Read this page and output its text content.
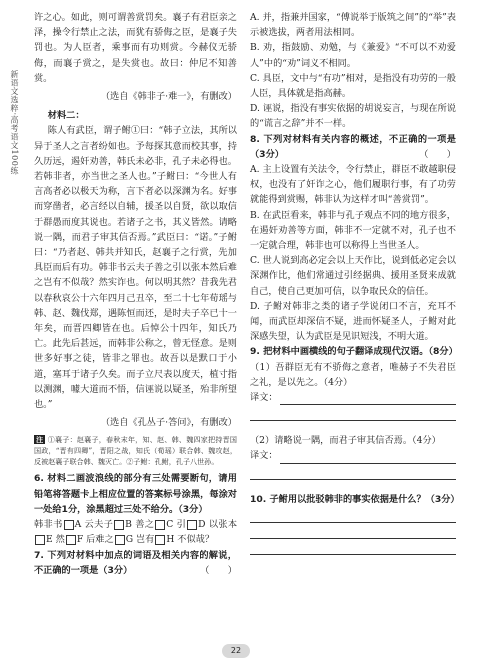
新语文选粹·高考语文100练

许之心。如此，则可谓善赏罚矣。襄子有君臣亲之泽，操令行禁止之法，而犹有骄侮之臣，是襄子失罚也。为人臣者，乘事而有功则赏。今赫仪无骄侮，而襄子赏之，是失赏也。故曰：仲尼不知善赏。

（选自《韩非子·难一》，有删改）

材料二：

陈人有武臣，谓子鲋①曰：“韩子立法，其所以异于圣人之言者纷如也。予每探其意而校其事，持久历远，遏奸劝善，韩氏未必非，孔子未必得也。若韩非者，亦当世之圣人也。”子鲋曰：“今世人有言高者必以极天为称，言下者必以深渊为名。好事而穿凿者，必言经以自辅，援圣以自贤，欲以取信于群愚而度其说也。若诸子之书，其义皆然。请略说一隅，而君子审其信否焉。”武臣曰：“诺。”子鲋曰：“乃者赵、韩共并知氏，赵襄子之行赏，先加具臣而后有功。韩非书云夫子善之引以张本然后难之岂有不似哉？然实诈也。何以明其然？昔我先君以春秋哀公十六年四月己丑卒，至二十七年荀瑶与韩、赵、魏伐郑，遇陈恒而还，是时夫子卒已十一年矣，而晋四卿皆在也。后悼公十四年，知氏乃亡。此先后甚远，而韩非公称之，曾无怪意。是则世多好事之徒，皆非之罪也。故吾以是默口于小道，塞耳于诸子久矣。而子立尺表以度天，植寸指以测渊，噱大道而不悟，信诬说以疑圣，殆非所望也。”

（选自《孔丛子·答问》，有删改）

注 ①襄子：赵襄子，春秋末年，知、赵、韩、魏四家把持晋国国政，“晋有四卿”，晋阳之战，知氏（荀瑶）联合韩、魏攻赵，反被赵襄子联合韩、魏灭亡。②子鲋：孔鲋，孔子八世孙。

6. 材料二画波浪线的部分有三处需要断句，请用铅笔将答题卡上相应位置的答案标号涂黑，每涂对一处给1分，涂黑超过三处不给分。（3分）

韩非书 A 云夫子 B 善之 C 引 D 以张本E 然 F 后难之 G 岂有 H 不似哉？

7. 下列对材料中加点的词语及相关内容的解说，不正确的一项是（3分）	（　　）

A. 并，指兼并国家，“傅说举于版筑之间”的“举”表示被选拔，两者用法相同。

B. 劝，指鼓励、劝勉，与《兼爱》“不可以不劝爱人”中的“劝”词义不相同。

C. 具臣，文中与“有功”相对，是指没有功劳的一般人臣，具体就是指高赫。

D. 诬说，指没有事实依据的胡说妄言，与现在所说的“谎言之辞”并不一样。

8. 下列对材料有关内容的概述，不正确的一项是（3分）	（　　）

A. 主上设置有关法令，令行禁止，群臣不敢越职侵权，也没有了奸诈之心，他们履职行事，有了功劳就能得到赏赐，韩非认为这样才叫“善赏罚”。

B. 在武臣看来，韩非与孔子观点不同的地方很多，在遏奸劝善等方面，韩非不一定就不对，孔子也不一定就合理，韩非也可以称得上当世圣人。

C. 世人说到高必定会以上天作比，说到低必定会以深渊作比，他们常通过引经据典、援用圣贤来成就自己，使自己更加可信，以争取民众的信任。

D. 子鲋对韩非之类的诸子学说闭口不言，充耳不闻，而武臣却深信不疑，进而怀疑圣人，子鲋对此深感失望，认为武臣是见识短浅，不明大道。

9. 把材料中画横线的句子翻译成现代汉语。（8分）

（1）吾群臣无有不骄侮之意者，唯赫子不失君臣之礼，是以先之。（4分）

译文：

（2）请略说一隅，而君子审其信否焉。（4分）

译文：

10. 子鲋用以批驳韩非的事实依据是什么？（3分）

22
